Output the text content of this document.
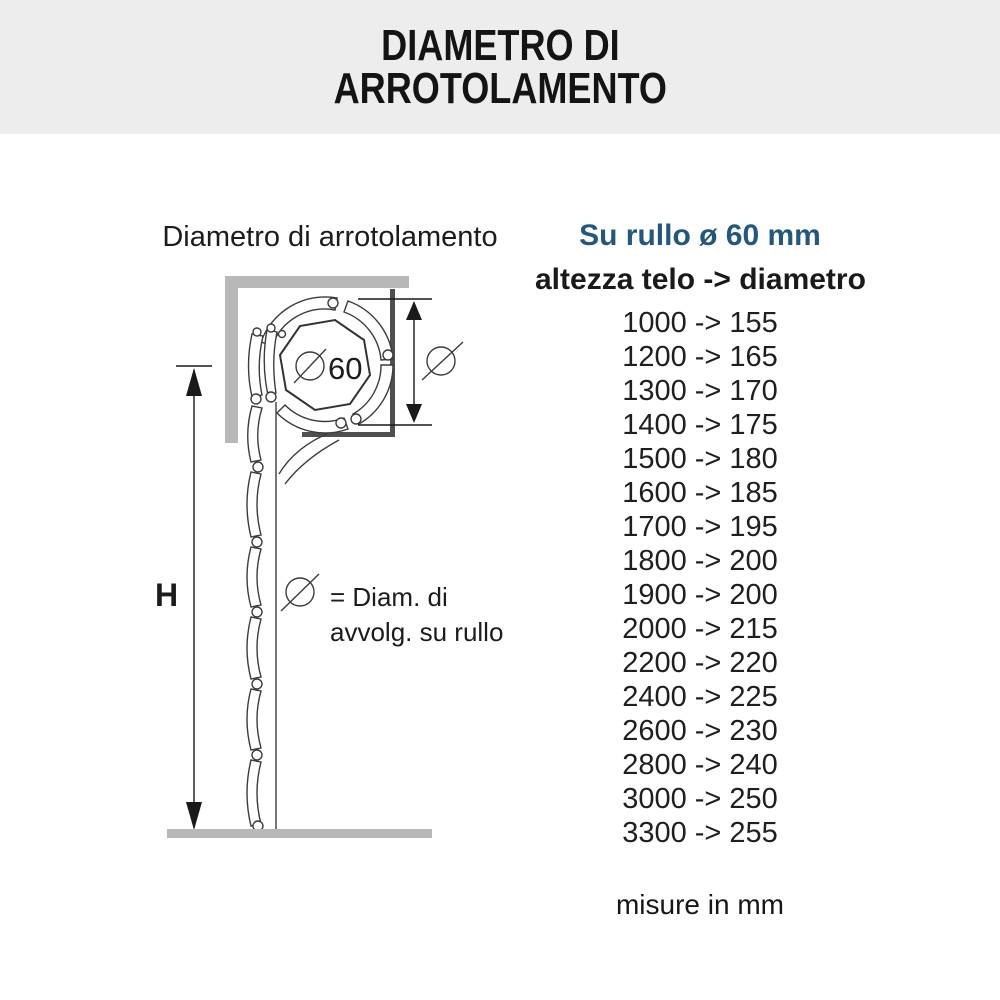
DIAMETRO DI
ARROTOLAMENTO
Diametro di arrotolamento
60
H	= Diam. di
avvolg. su rullo
Su rullo ø 60 mm
altezza telo -> diametro
1000 -> 155
1200 -> 165
1300 -> 170
1400 -> 175
1500 -> 180
1600 -> 185
1700 -> 195
1800 -> 200
1900 -> 200
2000 -> 215
2200 -> 220
2400 -> 225
2600 -> 230
2800 -> 240
3000 -> 250
3300 -> 255
misure in mm
